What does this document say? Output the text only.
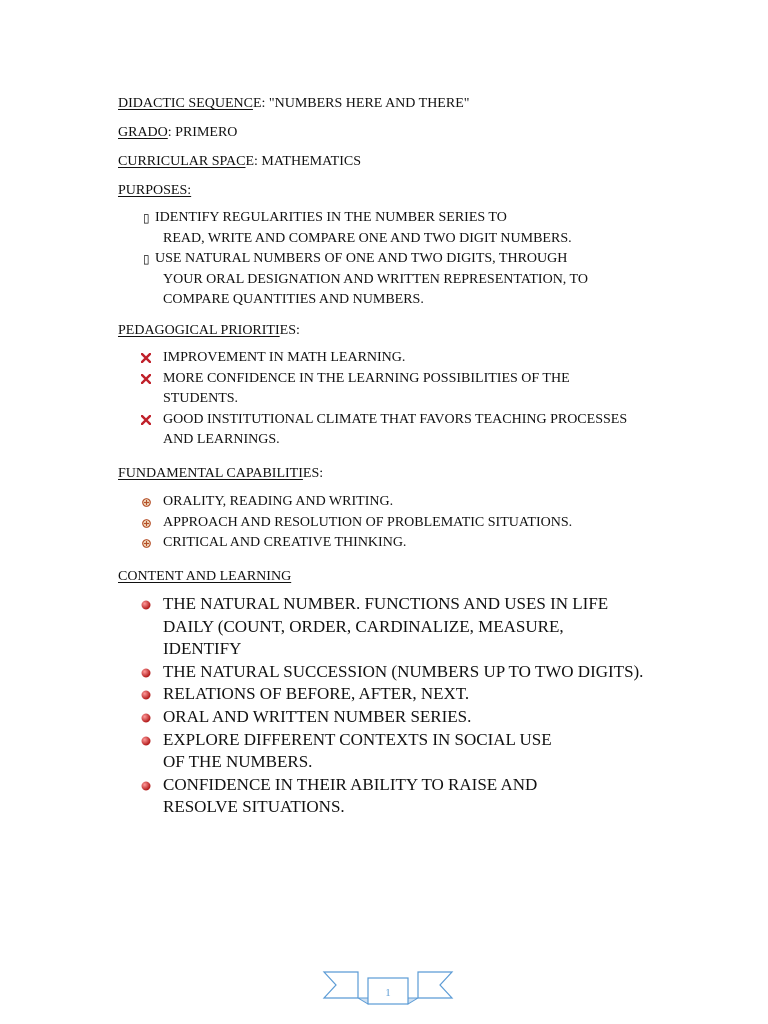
DIDACTIC SEQUENCE: "NUMBERS HERE AND THERE"
GRADO: PRIMERO
CURRICULAR SPACE: MATHEMATICS
PURPOSES:
▯ IDENTIFY REGULARITIES IN THE NUMBER SERIES TO
READ, WRITE AND COMPARE ONE AND TWO DIGIT NUMBERS.
▯ USE NATURAL NUMBERS OF ONE AND TWO DIGITS, THROUGH
YOUR ORAL DESIGNATION AND WRITTEN REPRESENTATION, TO
COMPARE QUANTITIES AND NUMBERS.
PEDAGOGICAL PRIORITIES:
IMPROVEMENT IN MATH LEARNING.
MORE CONFIDENCE IN THE LEARNING POSSIBILITIES OF THE
STUDENTS.
GOOD INSTITUTIONAL CLIMATE THAT FAVORS TEACHING PROCESSES
AND LEARNINGS.
FUNDAMENTAL CAPABILITIES:
ORALITY, READING AND WRITING.
APPROACH AND RESOLUTION OF PROBLEMATIC SITUATIONS.
CRITICAL AND CREATIVE THINKING.
CONTENT AND LEARNING
THE NATURAL NUMBER. FUNCTIONS AND USES IN LIFE
DAILY (COUNT, ORDER, CARDINALIZE, MEASURE,
IDENTIFY
THE NATURAL SUCCESSION (NUMBERS UP TO TWO DIGITS).
RELATIONS OF BEFORE, AFTER, NEXT.
ORAL AND WRITTEN NUMBER SERIES.
EXPLORE DIFFERENT CONTEXTS IN SOCIAL USE
OF THE NUMBERS.
CONFIDENCE IN THEIR ABILITY TO RAISE AND
RESOLVE SITUATIONS.
1
